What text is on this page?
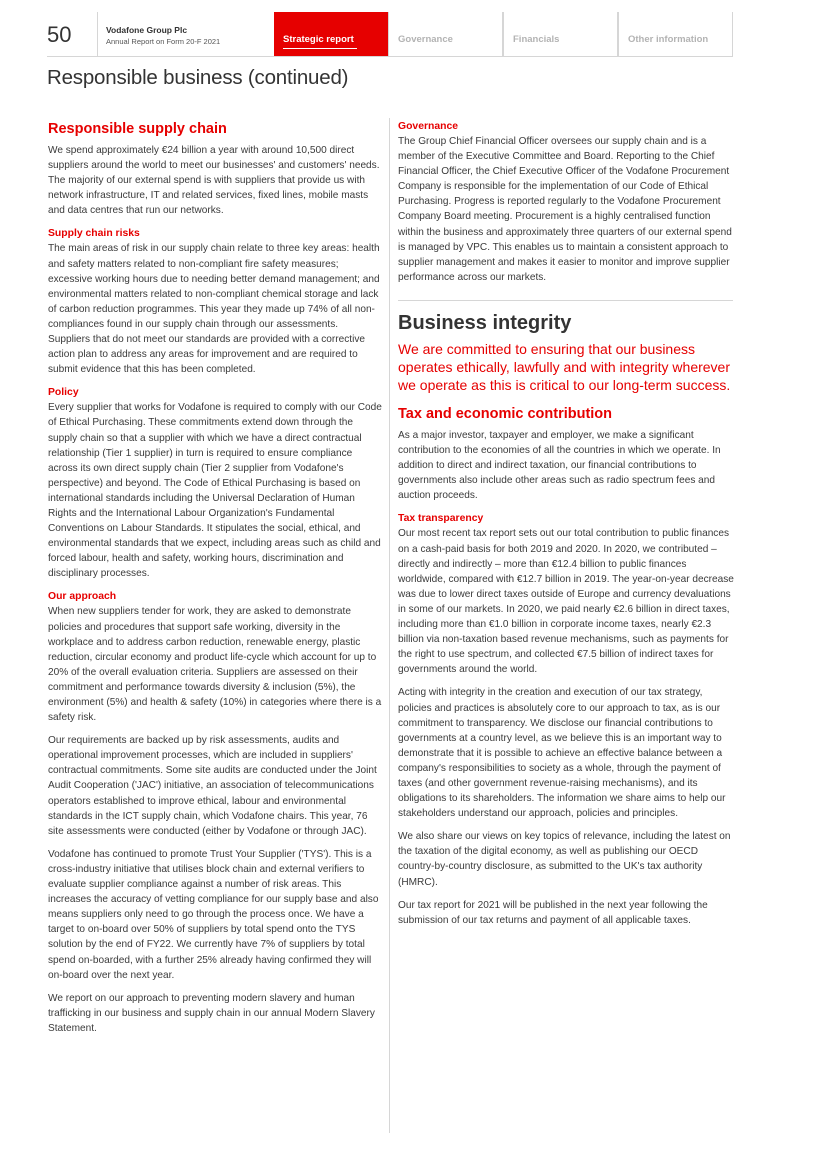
50	Vodafone Group Plc
Annual Report on Form 20-F 2021	Strategic report	Governance	Financials	Other information
Responsible business (continued)
Responsible supply chain

We spend approximately €24 billion a year with around 10,500 direct suppliers around the world to meet our businesses' and customers' needs. The majority of our external spend is with suppliers that provide us with network infrastructure, IT and related services, fixed lines, mobile masts and data centres that run our networks.

Supply chain risks

The main areas of risk in our supply chain relate to three key areas: health and safety matters related to non-compliant fire safety measures; excessive working hours due to needing better demand management; and environmental matters related to non-compliant chemical storage and lack of carbon reduction programmes. This year they made up 74% of all non-compliances found in our supply chain through our assessments. Suppliers that do not meet our standards are provided with a corrective action plan to address any areas for improvement and are required to submit evidence that this has been completed.

Policy

Every supplier that works for Vodafone is required to comply with our Code of Ethical Purchasing. These commitments extend down through the supply chain so that a supplier with which we have a direct contractual relationship (Tier 1 supplier) in turn is required to ensure compliance across its own direct supply chain (Tier 2 supplier from Vodafone's perspective) and beyond. The Code of Ethical Purchasing is based on international standards including the Universal Declaration of Human Rights and the International Labour Organization's Fundamental Conventions on Labour Standards. It stipulates the social, ethical, and environmental standards that we expect, including areas such as child and forced labour, health and safety, working hours, discrimination and disciplinary processes.

Our approach

When new suppliers tender for work, they are asked to demonstrate policies and procedures that support safe working, diversity in the workplace and to address carbon reduction, renewable energy, plastic reduction, circular economy and product life-cycle which account for up to 20% of the overall evaluation criteria. Suppliers are assessed on their commitment and performance towards diversity & inclusion (5%), the environment (5%) and health & safety (10%) in categories where there is a safety risk.

Our requirements are backed up by risk assessments, audits and operational improvement processes, which are included in suppliers' contractual commitments. Some site audits are conducted under the Joint Audit Cooperation ('JAC') initiative, an association of telecommunications operators established to improve ethical, labour and environmental standards in the ICT supply chain, which Vodafone chairs. This year, 76 site assessments were conducted (either by Vodafone or through JAC).

Vodafone has continued to promote Trust Your Supplier ('TYS'). This is a cross-industry initiative that utilises block chain and external verifiers to evaluate supplier compliance against a number of risk areas. This increases the accuracy of vetting compliance for our supply base and also means suppliers only need to go through the process once. We have a target to on-board over 50% of suppliers by total spend onto the TYS solution by the end of FY22. We currently have 7% of suppliers by total spend on-boarded, with a further 25% already having confirmed they will on-board over the next year.

We report on our approach to preventing modern slavery and human trafficking in our business and supply chain in our annual Modern Slavery Statement.

Governance

The Group Chief Financial Officer oversees our supply chain and is a member of the Executive Committee and Board. Reporting to the Chief Financial Officer, the Chief Executive Officer of the Vodafone Procurement Company is responsible for the implementation of our Code of Ethical Purchasing. Progress is reported regularly to the Vodafone Procurement Company Board meeting. Procurement is a highly centralised function within the business and approximately three quarters of our external spend is managed by VPC. This enables us to maintain a consistent approach to supplier management and makes it easier to monitor and improve supplier performance across our markets.

Business integrity

We are committed to ensuring that our business operates ethically, lawfully and with integrity wherever we operate as this is critical to our long-term success.

Tax and economic contribution

As a major investor, taxpayer and employer, we make a significant contribution to the economies of all the countries in which we operate. In addition to direct and indirect taxation, our financial contributions to governments also include other areas such as radio spectrum fees and auction proceeds.

Tax transparency

Our most recent tax report sets out our total contribution to public finances on a cash-paid basis for both 2019 and 2020. In 2020, we contributed – directly and indirectly – more than €12.4 billion to public finances worldwide, compared with €12.7 billion in 2019. The year-on-year decrease was due to lower direct taxes outside of Europe and currency devaluations in some of our markets. In 2020, we paid nearly €2.6 billion in direct taxes, including more than €1.0 billion in corporate income taxes, nearly €2.3 billion via non-taxation based revenue mechanisms, such as payments for the right to use spectrum, and collected €7.5 billion of indirect taxes for governments around the world.

Acting with integrity in the creation and execution of our tax strategy, policies and practices is absolutely core to our approach to tax, as is our commitment to transparency. We disclose our financial contributions to governments at a country level, as we believe this is an important way to demonstrate that it is possible to achieve an effective balance between a company's responsibilities to society as a whole, through the payment of taxes (and other government revenue-raising mechanisms), and its obligations to its shareholders. The information we share aims to help our stakeholders understand our approach, policies and principles.

We also share our views on key topics of relevance, including the latest on the taxation of the digital economy, as well as publishing our OECD country-by-country disclosure, as submitted to the UK's tax authority (HMRC).

Our tax report for 2021 will be published in the next year following the submission of our tax returns and payment of all applicable taxes.
